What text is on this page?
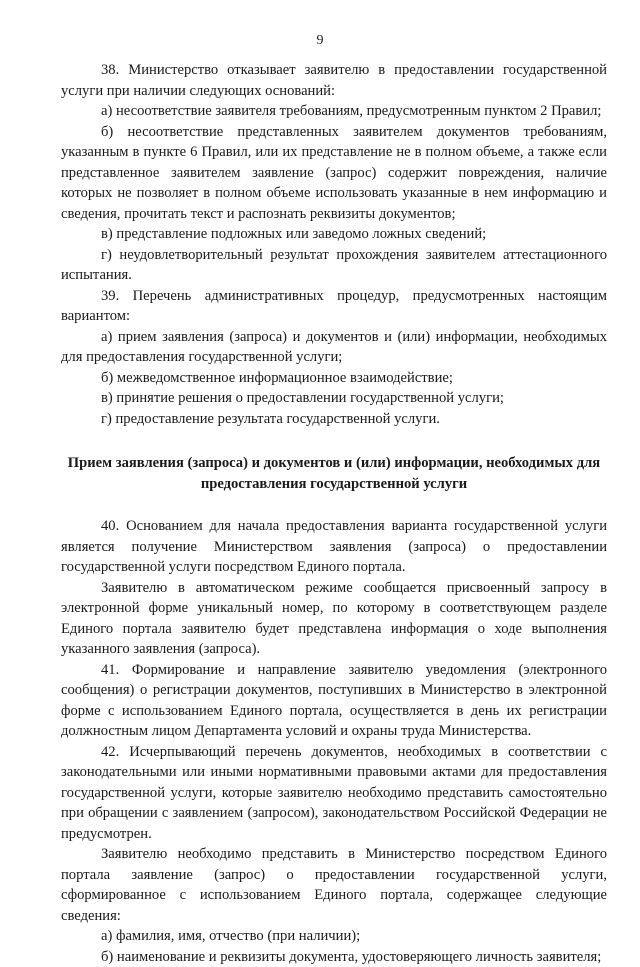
9

38. Министерство отказывает заявителю в предоставлении государственной услуги при наличии следующих оснований:

а) несоответствие заявителя требованиям, предусмотренным пунктом 2 Правил;

б) несоответствие представленных заявителем документов требованиям, указанным в пункте 6 Правил, или их представление не в полном объеме, а также если представленное заявителем заявление (запрос) содержит повреждения, наличие которых не позволяет в полном объеме использовать указанные в нем информацию и сведения, прочитать текст и распознать реквизиты документов;

в) представление подложных или заведомо ложных сведений;

г) неудовлетворительный результат прохождения заявителем аттестационного испытания.

39. Перечень административных процедур, предусмотренных настоящим вариантом:

а) прием заявления (запроса) и документов и (или) информации, необходимых для предоставления государственной услуги;

б) межведомственное информационное взаимодействие;

в) принятие решения о предоставлении государственной услуги;

г) предоставление результата государственной услуги.

Прием заявления (запроса) и документов и (или) информации, необходимых для предоставления государственной услуги

40. Основанием для начала предоставления варианта государственной услуги является получение Министерством заявления (запроса) о предоставлении государственной услуги посредством Единого портала.

Заявителю в автоматическом режиме сообщается присвоенный запросу в электронной форме уникальный номер, по которому в соответствующем разделе Единого портала заявителю будет представлена информация о ходе выполнения указанного заявления (запроса).

41. Формирование и направление заявителю уведомления (электронного сообщения) о регистрации документов, поступивших в Министерство в электронной форме с использованием Единого портала, осуществляется в день их регистрации должностным лицом Департамента условий и охраны труда Министерства.

42. Исчерпывающий перечень документов, необходимых в соответствии с законодательными или иными нормативными правовыми актами для предоставления государственной услуги, которые заявителю необходимо представить самостоятельно при обращении с заявлением (запросом), законодательством Российской Федерации не предусмотрен.

Заявителю необходимо представить в Министерство посредством Единого портала заявление (запрос) о предоставлении государственной услуги, сформированное с использованием Единого портала, содержащее следующие сведения:

а) фамилия, имя, отчество (при наличии);

б) наименование и реквизиты документа, удостоверяющего личность заявителя;
